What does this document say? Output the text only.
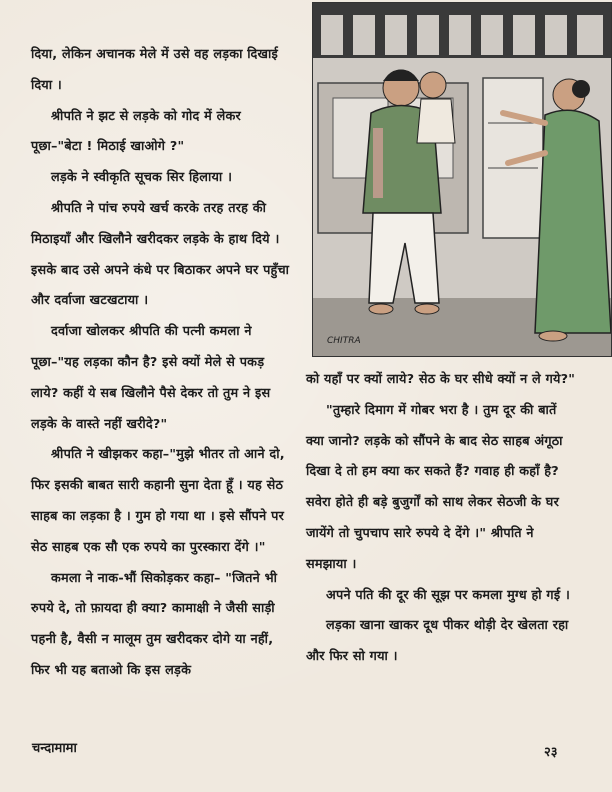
दिया, लेकिन अचानक मेले में उसे वह लड़का दिखाई दिया ।

श्रीपति ने झट से लड़के को गोद में लेकर पूछा–"बेटा ! मिठाई खाओगे ?"

लड़के ने स्वीकृति सूचक सिर हिलाया ।

श्रीपति ने पांच रुपये खर्च करके तरह तरह की मिठाइयाँ और खिलौने खरीदकर लड़के के हाथ दिये । इसके बाद उसे अपने कंधे पर बिठाकर अपने घर पहुँचा और दर्वाजा खटखटाया ।

दर्वाजा खोलकर श्रीपति की पत्नी कमला ने पूछा–"यह लड़का कौन है? इसे क्यों मेले से पकड़ लाये? कहीं ये सब खिलौने पैसे देकर तो तुम ने इस लड़के के वास्ते नहीं खरीदे?"

श्रीपति ने खीझकर कहा–"मुझे भीतर तो आने दो, फिर इसकी बाबत सारी कहानी सुना देता हूँ । यह सेठ साहब का लड़का है । गुम हो गया था । इसे सौंपने पर सेठ साहब एक सौ एक रुपये का पुरस्कारा देंगे ।"

कमला ने नाक-भौं सिकोड़कर कहा– "जितने भी रुपये दे, तो फ़ायदा ही क्या? कामाक्षी ने जैसी साड़ी पहनी है, वैसी न मालूम तुम खरीदकर दोगे या नहीं, फिर भी यह बताओ कि इस लड़के

CHITRA

को यहाँ पर क्यों लाये? सेठ के घर सीधे क्यों न ले गये?"

"तुम्हारे दिमाग में गोबर भरा है । तुम दूर की बातें क्या जानो? लड़के को सौंपने के बाद सेठ साहब अंगूठा दिखा दे तो हम क्या कर सकते हैं? गवाह ही कहाँ है? सवेरा होते ही बड़े बुजुर्गों को साथ लेकर सेठजी के घर जायेंगे तो चुपचाप सारे रुपये दे देंगे ।" श्रीपति ने समझाया ।

अपने पति की दूर की सूझ पर कमला मुग्ध हो गई ।

लड़का खाना खाकर दूध पीकर थोड़ी देर खेलता रहा और फिर सो गया ।

चन्दामामा	२३
